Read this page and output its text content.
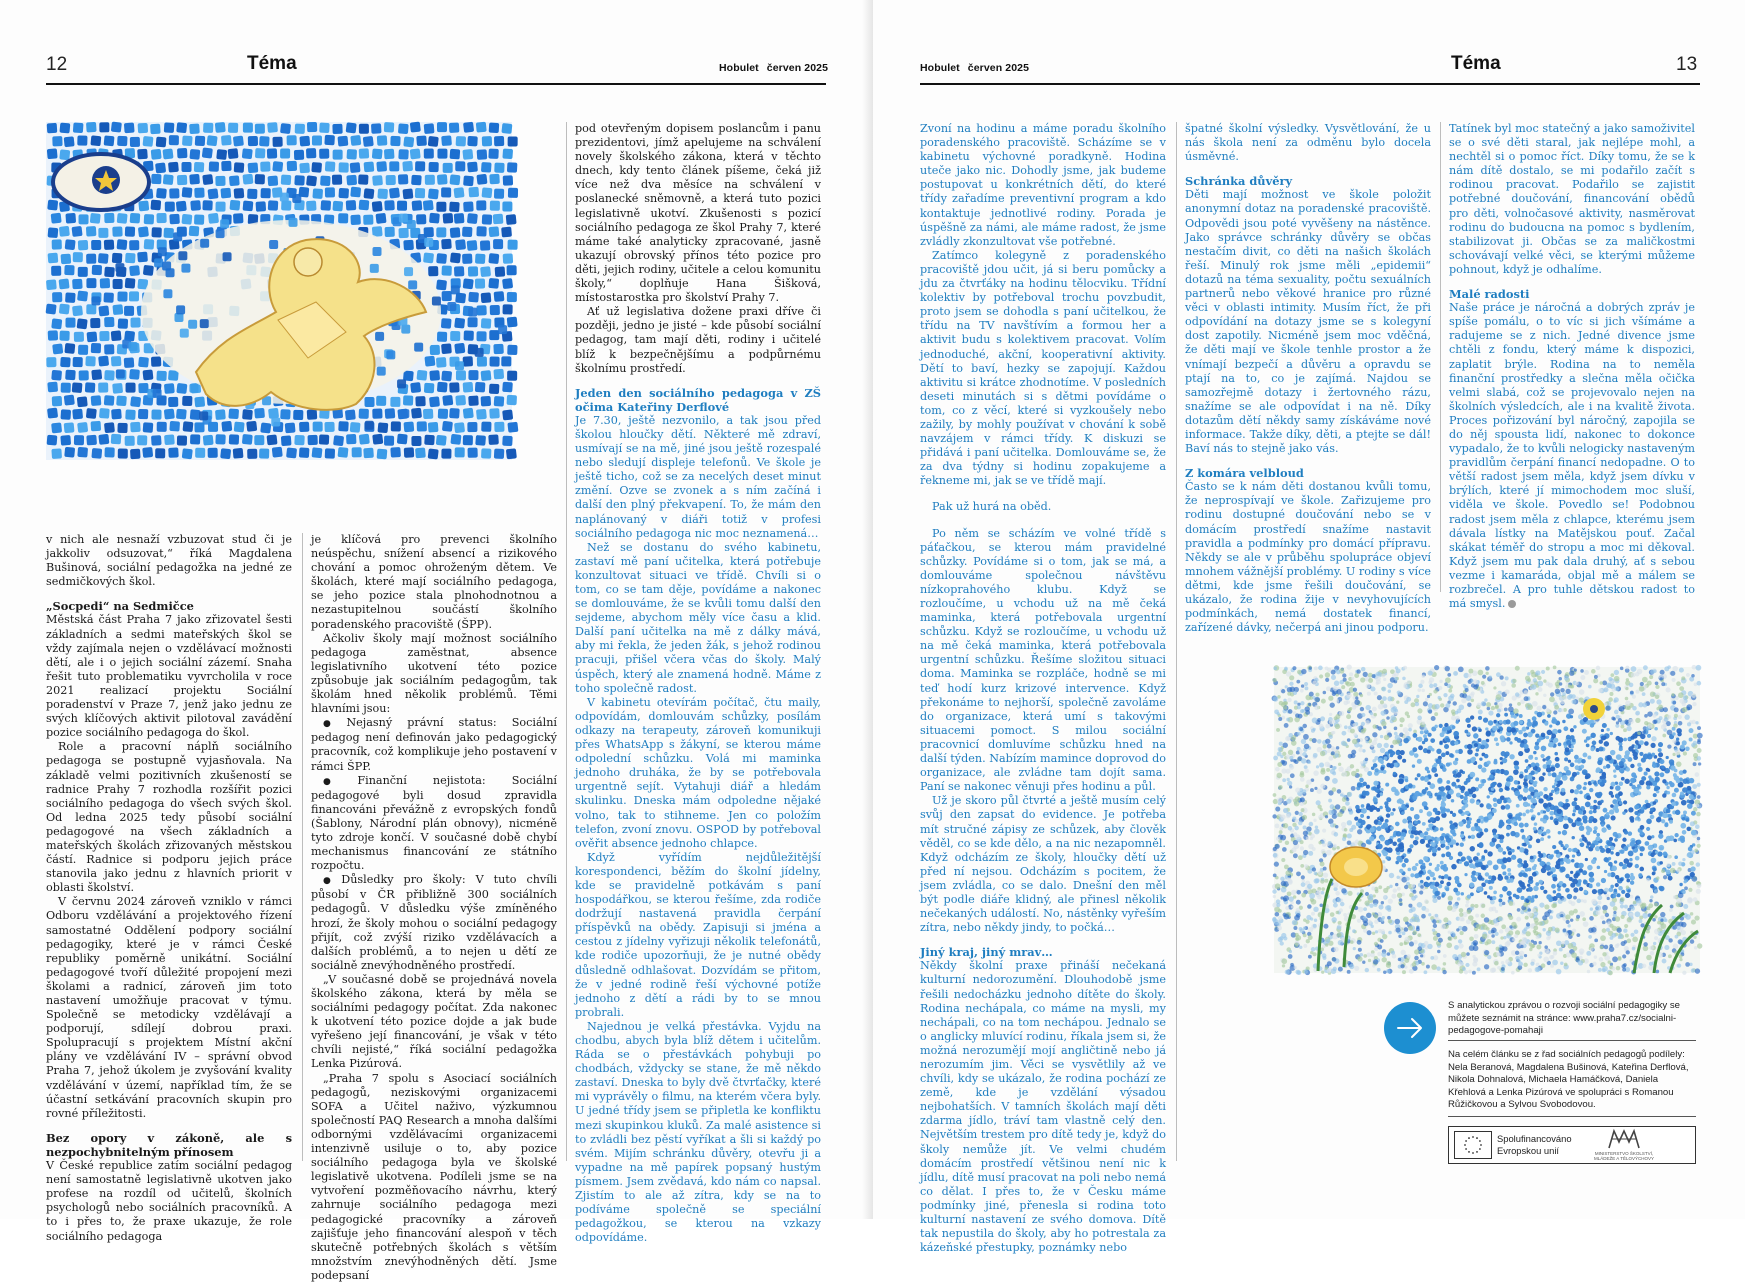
12	Téma	Hobulet červen 2025

v nich ale nesnaží vzbuzovat stud či je jakkoliv odsuzovat,“ říká Magdalena Bušinová, sociální pedagožka na jedné ze sedmičkových škol.

„Socpedi“ na Sedmičce

Městská část Praha 7 jako zřizovatel šesti základních a sedmi mateřských škol se vždy zajímala nejen o vzdělávací možnosti dětí, ale i o jejich sociální zázemí. Snaha řešit tuto problematiku vyvrcholila v roce 2021 realizací projektu Sociální poradenství v Praze 7, jenž jako jednu ze svých klíčových aktivit pilotoval zavádění pozice sociálního pedagoga do škol.

Role a pracovní náplň sociálního pedagoga se postupně vyjasňovala. Na základě velmi pozitivních zkušeností se radnice Prahy 7 rozhodla rozšířit pozici sociálního pedagoga do všech svých škol. Od ledna 2025 tedy působí sociální pedagogové na všech základních a mateřských školách zřizovaných městskou částí. Radnice si podporu jejich práce stanovila jako jednu z hlavních priorit v oblasti školství.

V červnu 2024 zároveň vzniklo v rámci Odboru vzdělávání a projektového řízení samostatné Oddělení podpory sociální pedagogiky, které je v rámci České republiky poměrně unikátní. Sociální pedagogové tvoří důležité propojení mezi školami a radnicí, zároveň jim toto nastavení umožňuje pracovat v týmu. Společně se metodicky vzdělávají a podporují, sdílejí dobrou praxi. Spolupracují s projektem Místní akční plány ve vzdělávání IV – správní obvod Praha 7, jehož úkolem je zvyšování kvality vzdělávání v území, například tím, že se účastní setkávání pracovních skupin pro rovné příležitosti.

Bez opory v zákoně, ale s nezpochybnitelným přínosem

V České republice zatím sociální pedagog není samostatně legislativně ukotven jako profese na rozdíl od učitelů, školních psychologů nebo sociálních pracovníků. A to i přes to, že praxe ukazuje, že role sociálního pedagoga

je klíčová pro prevenci školního neúspěchu, snížení absencí a rizikového chování a pomoc ohroženým dětem. Ve školách, které mají sociálního pedagoga, se jeho pozice stala plnohodnotnou a nezastupitelnou součástí školního poradenského pracoviště (ŠPP).

Ačkoliv školy mají možnost sociálního pedagoga zaměstnat, absence legislativního ukotvení této pozice způsobuje jak sociálním pedagogům, tak školám hned několik problémů. Těmi hlavními jsou:

● Nejasný právní status: Sociální pedagog není definován jako pedagogický pracovník, což komplikuje jeho postavení v rámci ŠPP.

● Finanční nejistota: Sociální pedagogové byli dosud zpravidla financováni převážně z evropských fondů (Šablony, Národní plán obnovy), nicméně tyto zdroje končí. V současné době chybí mechanismus financování ze státního rozpočtu.

● Důsledky pro školy: V tuto chvíli působí v ČR přibližně 300 sociálních pedagogů. V důsledku výše zmíněného hrozí, že školy mohou o sociální pedagogy přijít, což zvýší riziko vzdělávacích a dalších problémů, a to nejen u dětí ze sociálně znevýhodněného prostředí.

„V současné době se projednává novela školského zákona, která by měla se sociálními pedagogy počítat. Zda nakonec k ukotvení této pozice dojde a jak bude vyřešeno její financování, je však v této chvíli nejisté,“ říká sociální pedagožka Lenka Pizúrová.

„Praha 7 spolu s Asociací sociálních pedagogů, neziskovými organizacemi SOFA a Učitel naživo, výzkumnou společností PAQ Research a mnoha dalšími odbornými vzdělávacími organizacemi intenzivně usiluje o to, aby pozice sociálního pedagoga byla ve školské legislativě ukotvena. Podíleli jsme se na vytvoření pozměňovacího návrhu, který zahrnuje sociálního pedagoga mezi pedagogické pracovníky a zároveň zajišťuje jeho financování alespoň v těch skutečně potřebných školách s větším množstvím znevýhodněných dětí. Jsme podepsaní

pod otevřeným dopisem poslancům i panu prezidentovi, jímž apelujeme na schválení novely školského zákona, která v těchto dnech, kdy tento článek píšeme, čeká již více než dva měsíce na schválení v poslanecké sněmovně, a která tuto pozici legislativně ukotví. Zkušenosti s pozicí sociálního pedagoga ze škol Prahy 7, které máme také analyticky zpracované, jasně ukazují obrovský přínos této pozice pro děti, jejich rodiny, učitele a celou komunitu školy,“ doplňuje Hana Šišková, místostarostka pro školství Prahy 7.

Ať už legislativa dožene praxi dříve či později, jedno je jisté – kde působí sociální pedagog, tam mají děti, rodiny i učitelé blíž k bezpečnějšímu a podpůrnému školnímu prostředí.

Jeden den sociálního pedagoga v ZŠ očima Kateřiny Derflové

Je 7.30, ještě nezvonilo, a tak jsou před školou hloučky dětí. Některé mě zdraví, usmívají se na mě, jiné jsou ještě rozespalé nebo sledují displeje telefonů. Ve škole je ještě ticho, což se za necelých deset minut změní. Ozve se zvonek a s ním začíná i další den plný překvapení. To, že mám den naplánovaný v diáři totiž v profesi sociálního pedagoga nic moc neznamená…

Než se dostanu do svého kabinetu, zastaví mě paní učitelka, která potřebuje konzultovat situaci ve třídě. Chvíli si o tom, co se tam děje, povídáme a nakonec se domlouváme, že se kvůli tomu další den sejdeme, abychom měly více času a klid. Další paní učitelka na mě z dálky mává, aby mi řekla, že jeden žák, s jehož rodinou pracuji, přišel včera včas do školy. Malý úspěch, který ale znamená hodně. Máme z toho společně radost.

V kabinetu otevírám počítač, čtu maily, odpovídám, domlouvám schůzky, posílám odkazy na terapeuty, zároveň komunikuji přes WhatsApp s žákyní, se kterou máme odpolední schůzku. Volá mi maminka jednoho druháka, že by se potřebovala urgentně sejít. Vytahuji diář a hledám skulinku. Dneska mám odpoledne nějaké volno, tak to stihneme. Jen co položím telefon, zvoní znovu. OSPOD by potřeboval ověřit absence jednoho chlapce.

Když vyřídím nejdůležitější korespondenci, běžím do školní jídelny, kde se pravidelně potkávám s paní hospodářkou, se kterou řešíme, zda rodiče dodržují nastavená pravidla čerpání příspěvků na obědy. Zapisuji si jména a cestou z jídelny vyřizuji několik telefonátů, kde rodiče upozorňuji, že je nutné obědy důsledně odhlašovat. Dozvídám se přitom, že v jedné rodině řeší výchovné potíže jednoho z dětí a rádi by to se mnou probrali.

Najednou je velká přestávka. Vyjdu na chodbu, abych byla blíž dětem i učitelům. Ráda se o přestávkách pohybuji po chodbách, vždycky se stane, že mě někdo zastaví. Dneska to byly dvě čtvrťačky, které mi vyprávěly o filmu, na kterém včera byly. U jedné třídy jsem se připletla ke konfliktu mezi skupinkou kluků. Za malé asistence si to zvládli bez pěstí vyříkat a šli si každý po svém. Mijím schránku důvěry, otevřu ji a vypadne na mě papírek popsaný hustým písmem. Jsem zvědavá, kdo nám co napsal. Zjistím to ale až zítra, kdy se na to podíváme společně se speciální pedagožkou, se kterou na vzkazy odpovídáme.

Hobulet červen 2025	Téma	13

Zvoní na hodinu a máme poradu školního poradenského pracoviště. Scházíme se v kabinetu výchovné poradkyně. Hodina uteče jako nic. Dohodly jsme, jak budeme postupovat u konkrétních dětí, do které třídy zařadíme preventivní program a kdo kontaktuje jednotlivé rodiny. Porada je úspěšně za námi, ale máme radost, že jsme zvládly zkonzultovat vše potřebné.

Zatímco kolegyně z poradenského pracoviště jdou učit, já si beru pomůcky a jdu za čtvrťáky na hodinu tělocviku. Třídní kolektiv by potřeboval trochu povzbudit, proto jsem se dohodla s paní učitelkou, že třídu na TV navštívím a formou her a aktivit budu s kolektivem pracovat. Volím jednoduché, akční, kooperativní aktivity. Dětí to baví, hezky se zapojují. Každou aktivitu si krátce zhodnotíme. V posledních deseti minutách si s dětmi povídáme o tom, co z věcí, které si vyzkoušely nebo zažily, by mohly používat v chování k sobě navzájem v rámci třídy. K diskuzi se přidává i paní učitelka. Domlouváme se, že za dva týdny si hodinu zopakujeme a řekneme mi, jak se ve třídě mají.

Pak už hurá na oběd.

Po něm se scházím ve volné třídě s páťačkou, se kterou mám pravidelné schůzky. Povídáme si o tom, jak se má, a domlouváme společnou návštěvu nízkoprahového klubu. Když se rozloučíme, u vchodu už na mě čeká maminka, která potřebovala urgentní schůzku. Když se rozloučíme, u vchodu už na mě čeká maminka, která potřebovala urgentní schůzku. Řešíme složitou situaci doma. Maminka se rozpláče, hodně se mi teď hodí kurz krizové intervence. Když překonáme to nejhorší, společně zavoláme do organizace, která umí s takovými situacemi pomoct. S milou sociální pracovnicí domluvíme schůzku hned na další týden. Nabízím mamince doprovod do organizace, ale zvládne tam dojít sama. Paní se nakonec věnuji přes hodinu a půl.

Už je skoro půl čtvrté a ještě musím celý svůj den zapsat do evidence. Je potřeba mít stručné zápisy ze schůzek, aby člověk věděl, co se kde dělo, a na nic nezapomněl. Když odcházím ze školy, hloučky dětí už před ní nejsou. Odcházím s pocitem, že jsem zvládla, co se dalo. Dnešní den měl být podle diáře klidný, ale přinesl několik nečekaných událostí. No, nástěnky vyřeším zítra, nebo někdy jindy, to počká…

Jiný kraj, jiný mrav…

Někdy školní praxe přináší nečekaná kulturní nedorozumění. Dlouhodobě jsme řešili nedocházku jednoho dítěte do školy. Rodina nechápala, co máme na mysli, my nechápali, co na tom nechápou. Jednalo se o anglicky mluvící rodinu, říkala jsem si, že možná nerozumějí mojí angličtině nebo já nerozumím jim. Věci se vysvětlily až ve chvíli, kdy se ukázalo, že rodina pochází ze země, kde je vzdělání výsadou nejbohatších. V tamních školách mají děti zdarma jídlo, tráví tam vlastně celý den. Největším trestem pro dítě tedy je, když do školy nemůže jít. Ve velmi chudém domácím prostředí většinou není nic k jídlu, dítě musí pracovat na poli nebo nemá co dělat. I přes to, že v Česku máme podmínky jiné, přenesla si rodina toto kulturní nastavení ze svého domova. Dítě tak nepustila do školy, aby ho potrestala za kázeňské přestupky, poznámky nebo

špatné školní výsledky. Vysvětlování, že u nás škola není za odměnu bylo docela úsměvné.

Schránka důvěry

Děti mají možnost ve škole položit anonymní dotaz na poradenské pracoviště. Odpovědi jsou poté vyvěšeny na nástěnce. Jako správce schránky důvěry se občas nestačím divit, co děti na našich školách řeší. Minulý rok jsme měli „epidemii“ dotazů na téma sexuality, počtu sexuálních partnerů nebo věkové hranice pro různé věci v oblasti intimity. Musím říct, že při odpovídání na dotazy jsme se s kolegyní dost zapotily. Nicméně jsem moc vděčná, že děti mají ve škole tenhle prostor a že vnímají bezpečí a důvěru a opravdu se ptají na to, co je zajímá. Najdou se samozřejmě dotazy i žertovného rázu, snažíme se ale odpovídat i na ně. Díky dotazům dětí někdy samy získáváme nové informace. Takže díky, děti, a ptejte se dál! Baví nás to stejně jako vás.

Z komára velbloud

Často se k nám děti dostanou kvůli tomu, že neprospívají ve škole. Zařizujeme pro rodinu dostupné doučování nebo se v domácím prostředí snažíme nastavit pravidla a podmínky pro domácí přípravu. Někdy se ale v průběhu spolupráce objeví mnohem vážnější problémy. U rodiny s více dětmi, kde jsme řešili doučování, se ukázalo, že rodina žije v nevyhovujících podmínkách, nemá dostatek financí, zařízené dávky, nečerpá ani jinou podporu.

Tatínek byl moc statečný a jako samoživitel se o své děti staral, jak nejlépe mohl, a nechtěl si o pomoc říct. Díky tomu, že se k nám dítě dostalo, se mi podařilo začít s rodinou pracovat. Podařilo se zajistit potřebné doučování, financování obědů pro děti, volnočasové aktivity, nasměrovat rodinu do budoucna na pomoc s bydlením, stabilizovat ji. Občas se za maličkostmi schovávají velké věci, se kterými můžeme pohnout, když je odhalíme.

Malé radosti

Naše práce je náročná a dobrých zpráv je spíše pomálu, o to víc si jich všímáme a radujeme se z nich. Jedné divence jsme chtěli z fondu, který máme k dispozici, zaplatit brýle. Rodina na to neměla finanční prostředky a slečna měla očička velmi slabá, což se projevovalo nejen na školních výsledcích, ale i na kvalitě života. Proces pořizování byl náročný, zapojila se do něj spousta lidí, nakonec to dokonce vypadalo, že to kvůli nelogicky nastaveným pravidlům čerpání financí nedopadne. O to větší radost jsem měla, když jsem dívku v brýlích, které jí mimochodem moc sluší, viděla ve škole. Povedlo se! Podobnou radost jsem měla z chlapce, kterému jsem dávala lístky na Matějskou pouť. Začal skákat téměř do stropu a moc mi děkoval. Když jsem mu pak dala druhý, ať s sebou vezme i kamaráda, objal mě a málem se rozbrečel. A pro tuhle dětskou radost to má smysl.

S analytickou zprávou o rozvoji sociální pedagogiky se můžete seznámit na stránce: www.praha7.cz/socialni-pedagogove-pomahaji
Na celém článku se z řad sociálních pedagogů podílely: Nela Beranová, Magdalena Bušinová, Kateřina Derflová, Nikola Dohnalová, Michaela Hamáčková, Daniela Křehlová a Lenka Pizúrová ve spolupráci s Romanou Růžičkovou a Sylvou Svobodovou.
Spolufinancováno
Evropskou unií	MINISTERSTVO ŠKOLSTVÍ,
MLÁDEŽE A TĚLOVÝCHOVY
